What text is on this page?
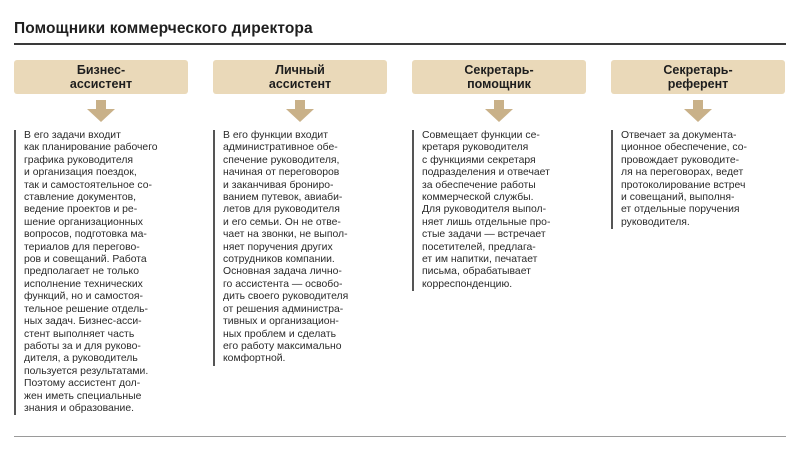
Помощники коммерческого директора
Бизнес-
ассистент
В его задачи входит
как планирование рабочего
графика руководителя
и организация поездок,
так и самостоятельное со-
ставление документов,
ведение проектов и ре-
шение организационных
вопросов, подготовка ма-
териалов для перегово-
ров и совещаний. Работа
предполагает не только
исполнение технических
функций, но и самостоя-
тельное решение отдель-
ных задач. Бизнес-асси-
стент выполняет часть
работы за и для руково-
дителя, а руководитель
пользуется результатами.
Поэтому ассистент дол-
жен иметь специальные
знания и образование.
Личный
ассистент
В его функции входит
административное обе-
спечение руководителя,
начиная от переговоров
и заканчивая брониро-
ванием путевок, авиаби-
летов для руководителя
и его семьи. Он не отве-
чает на звонки, не выпол-
няет поручения других
сотрудников компании.
Основная задача лично-
го ассистента — освобо-
дить своего руководителя
от решения администра-
тивных и организацион-
ных проблем и сделать
его работу максимально
комфортной.
Секретарь-
помощник
Совмещает функции се-
кретаря руководителя
с функциями секретаря
подразделения и отвечает
за обеспечение работы
коммерческой службы.
Для руководителя выпол-
няет лишь отдельные про-
стые задачи — встречает
посетителей, предлага-
ет им напитки, печатает
письма, обрабатывает
корреспонденцию.
Секретарь-
референт
Отвечает за документа-
ционное обеспечение, со-
провождает руководите-
ля на переговорах, ведет
протоколирование встреч
и совещаний, выполня-
ет отдельные поручения
руководителя.
